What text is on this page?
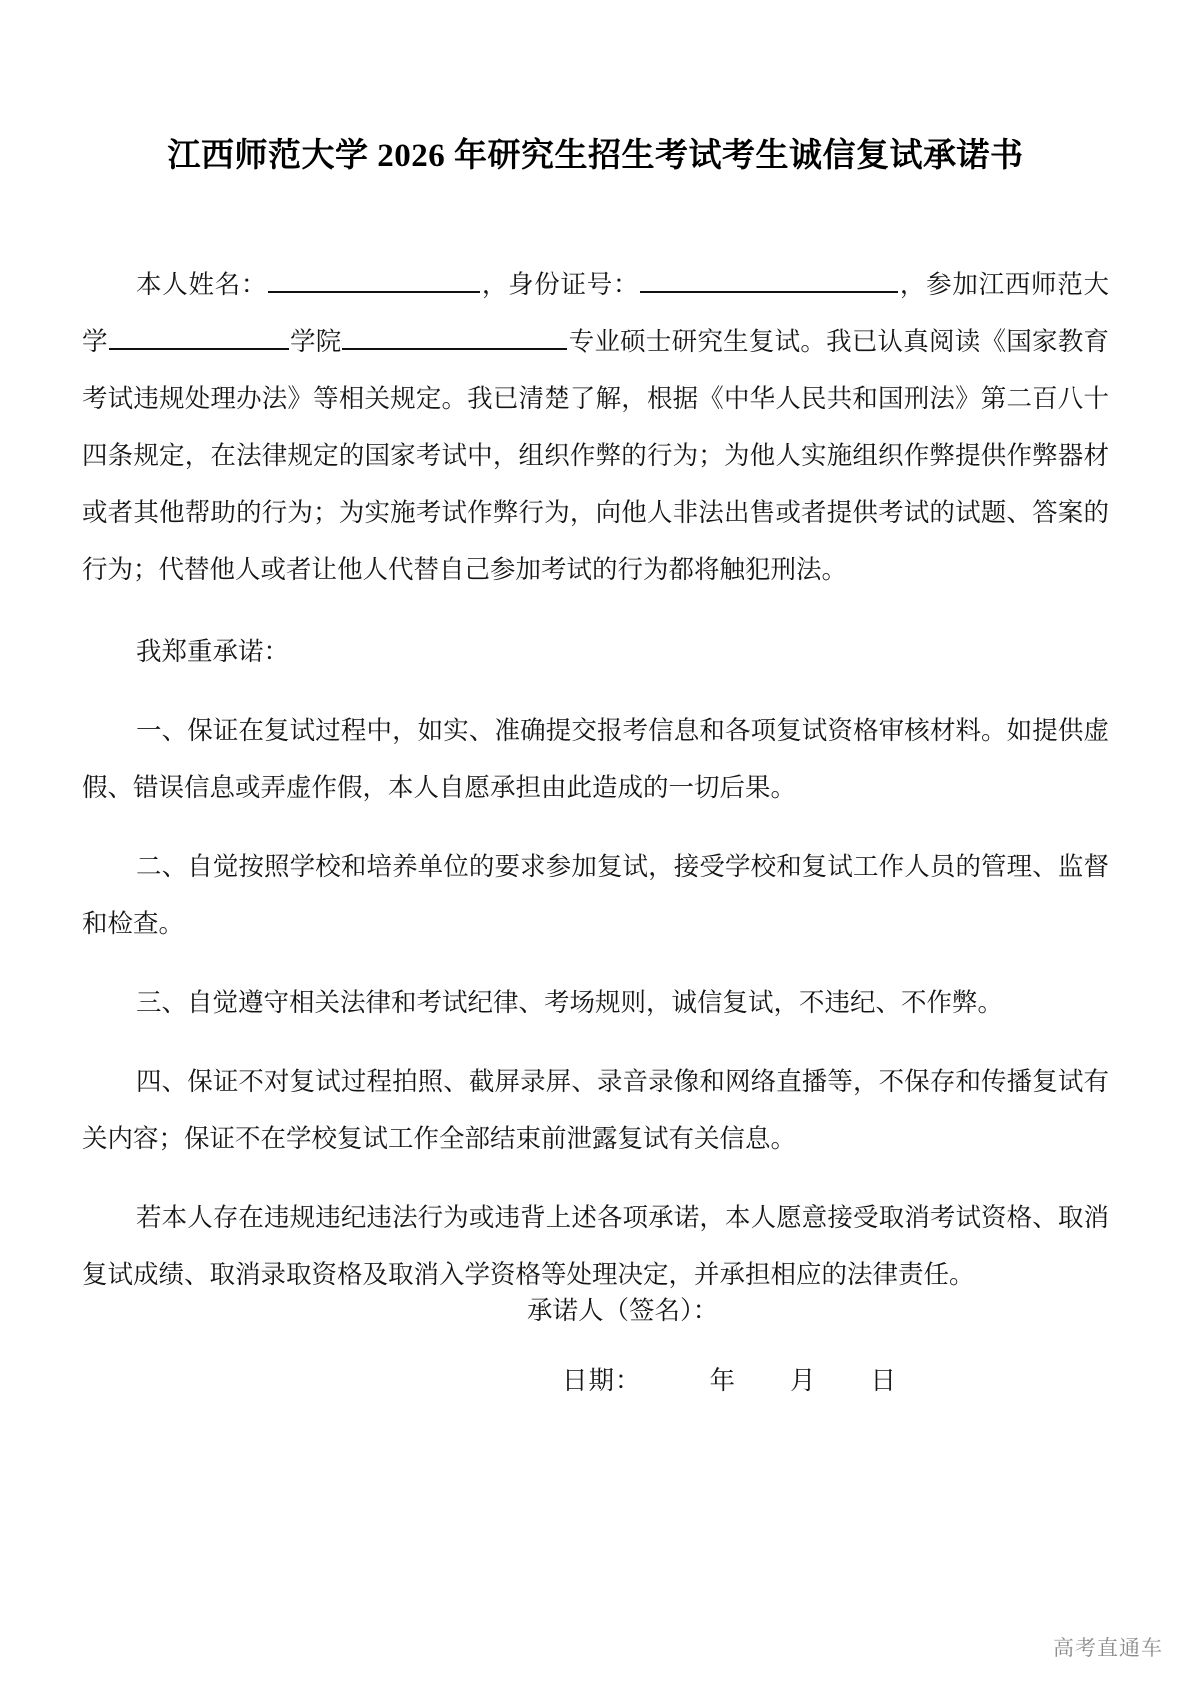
江西师范大学 2026 年研究生招生考试考生诚信复试承诺书

本人姓名：	，身份证号：	，参加江西师范大学	学院	专业硕士研究生复试。我已认真阅读《国家教育考试违规处理办法》等相关规定。我已清楚了解，根据《中华人民共和国刑法》第二百八十四条规定，在法律规定的国家考试中，组织作弊的行为；为他人实施组织作弊提供作弊器材或者其他帮助的行为；为实施考试作弊行为，向他人非法出售或者提供考试的试题、答案的行为；代替他人或者让他人代替自己参加考试的行为都将触犯刑法。

我郑重承诺：

一、保证在复试过程中，如实、准确提交报考信息和各项复试资格审核材料。如提供虚假、错误信息或弄虚作假，本人自愿承担由此造成的一切后果。

二、自觉按照学校和培养单位的要求参加复试，接受学校和复试工作人员的管理、监督和检查。

三、自觉遵守相关法律和考试纪律、考场规则，诚信复试，不违纪、不作弊。

四、保证不对复试过程拍照、截屏录屏、录音录像和网络直播等，不保存和传播复试有关内容；保证不在学校复试工作全部结束前泄露复试有关信息。

若本人存在违规违纪违法行为或违背上述各项承诺，本人愿意接受取消考试资格、取消复试成绩、取消录取资格及取消入学资格等处理决定，并承担相应的法律责任。

承诺人（签名）：
日期：	年 月 日
高考直通车
